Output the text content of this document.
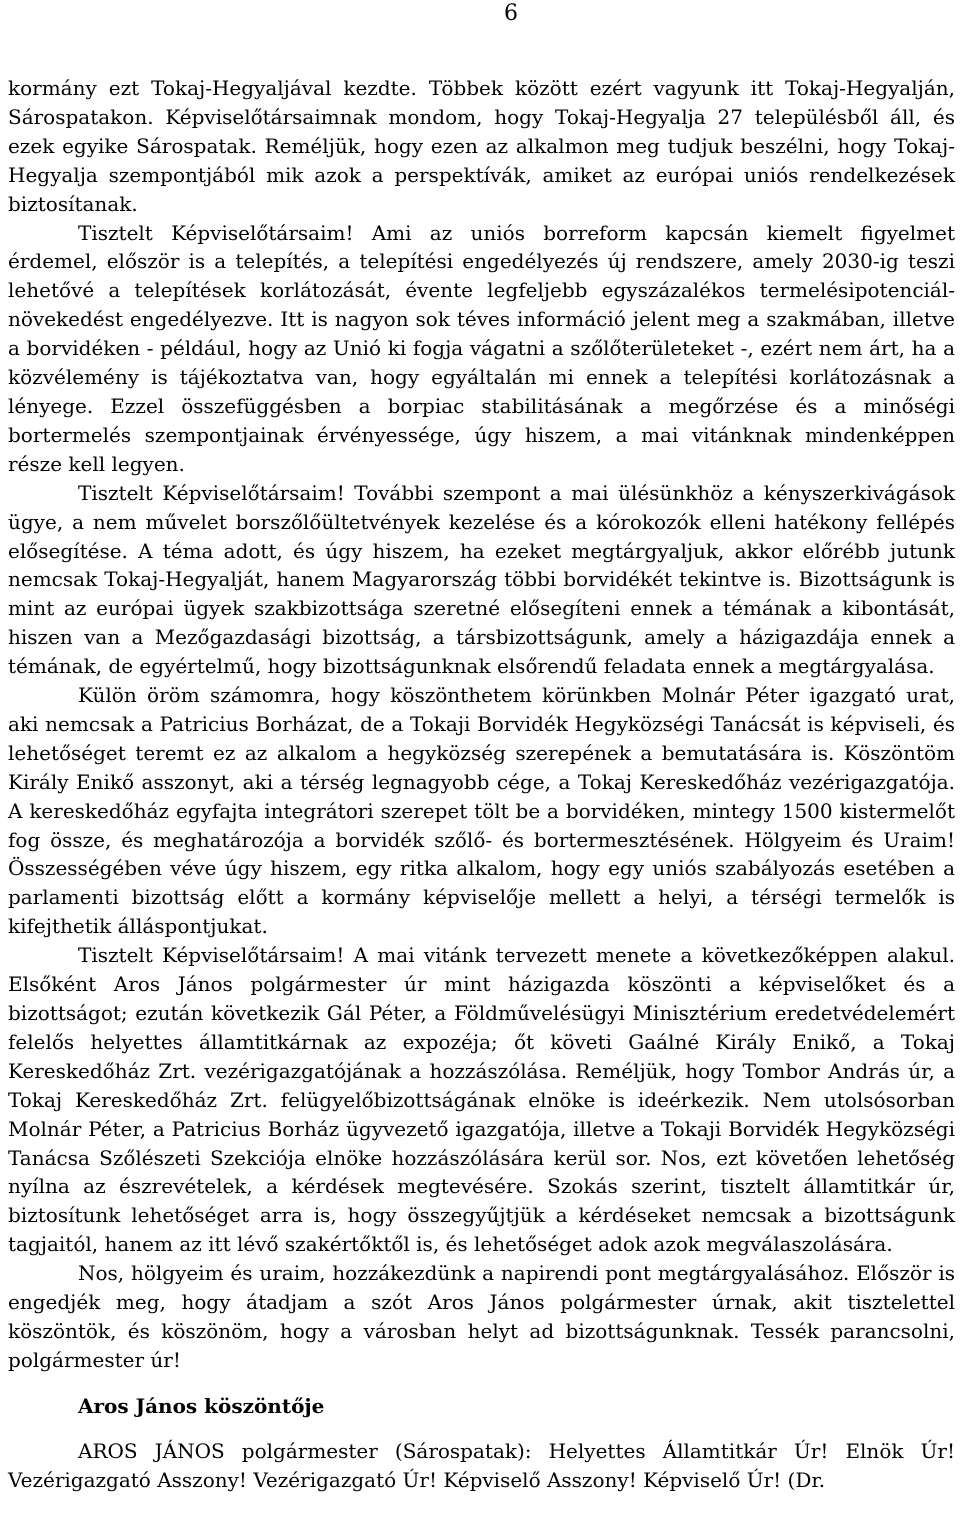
6

kormány ezt Tokaj-Hegyaljával kezdte. Többek között ezért vagyunk itt Tokaj-Hegyalján, Sárospatakon. Képviselőtársaimnak mondom, hogy Tokaj-Hegyalja 27 településből áll, és ezek egyike Sárospatak. Reméljük, hogy ezen az alkalmon meg tudjuk beszélni, hogy Tokaj-Hegyalja szempontjából mik azok a perspektívák, amiket az európai uniós rendelkezések biztosítanak.

Tisztelt Képviselőtársaim! Ami az uniós borreform kapcsán kiemelt figyelmet érdemel, először is a telepítés, a telepítési engedélyezés új rendszere, amely 2030-ig teszi lehetővé a telepítések korlátozását, évente legfeljebb egyszázalékos termelésipotenciál-növekedést engedélyezve. Itt is nagyon sok téves információ jelent meg a szakmában, illetve a borvidéken - például, hogy az Unió ki fogja vágatni a szőlőterületeket -, ezért nem árt, ha a közvélemény is tájékoztatva van, hogy egyáltalán mi ennek a telepítési korlátozásnak a lényege. Ezzel összefüggésben a borpiac stabilitásának a megőrzése és a minőségi bortermelés szempontjainak érvényessége, úgy hiszem, a mai vitánknak mindenképpen része kell legyen.

Tisztelt Képviselőtársaim! További szempont a mai ülésünkhöz a kényszerkivágások ügye, a nem művelet borszőlőültetvények kezelése és a kórokozók elleni hatékony fellépés elősegítése. A téma adott, és úgy hiszem, ha ezeket megtárgyaljuk, akkor előrébb jutunk nemcsak Tokaj-Hegyalját, hanem Magyarország többi borvidékét tekintve is. Bizottságunk is mint az európai ügyek szakbizottsága szeretné elősegíteni ennek a témának a kibontását, hiszen van a Mezőgazdasági bizottság, a társbizottságunk, amely a házigazdája ennek a témának, de egyértelmű, hogy bizottságunknak elsőrendű feladata ennek a megtárgyalása.

Külön öröm számomra, hogy köszönthetem körünkben Molnár Péter igazgató urat, aki nemcsak a Patricius Borházat, de a Tokaji Borvidék Hegyközségi Tanácsát is képviseli, és lehetőséget teremt ez az alkalom a hegyközség szerepének a bemutatására is. Köszöntöm Király Enikő asszonyt, aki a térség legnagyobb cége, a Tokaj Kereskedőház vezérigazgatója. A kereskedőház egyfajta integrátori szerepet tölt be a borvidéken, mintegy 1500 kistermelőt fog össze, és meghatározója a borvidék szőlő- és bortermesztésének. Hölgyeim és Uraim! Összességében véve úgy hiszem, egy ritka alkalom, hogy egy uniós szabályozás esetében a parlamenti bizottság előtt a kormány képviselője mellett a helyi, a térségi termelők is kifejthetik álláspontjukat.

Tisztelt Képviselőtársaim! A mai vitánk tervezett menete a következőképpen alakul. Elsőként Aros János polgármester úr mint házigazda köszönti a képviselőket és a bizottságot; ezután következik Gál Péter, a Földművelésügyi Minisztérium eredetvédelemért felelős helyettes államtitkárnak az expozéja; őt követi Gaálné Király Enikő, a Tokaj Kereskedőház Zrt. vezérigazgatójának a hozzászólása. Reméljük, hogy Tombor András úr, a Tokaj Kereskedőház Zrt. felügyelőbizottságának elnöke is ideérkezik. Nem utolsósorban Molnár Péter, a Patricius Borház ügyvezető igazgatója, illetve a Tokaji Borvidék Hegyközségi Tanácsa Szőlészeti Szekciója elnöke hozzászólására kerül sor. Nos, ezt követően lehetőség nyílna az észrevételek, a kérdések megtevésére. Szokás szerint, tisztelt államtitkár úr, biztosítunk lehetőséget arra is, hogy összegyűjtjük a kérdéseket nemcsak a bizottságunk tagjaitól, hanem az itt lévő szakértőktől is, és lehetőséget adok azok megválaszolására.

Nos, hölgyeim és uraim, hozzákezdünk a napirendi pont megtárgyalásához. Először is engedjék meg, hogy átadjam a szót Aros János polgármester úrnak, akit tisztelettel köszöntök, és köszönöm, hogy a városban helyt ad bizottságunknak. Tessék parancsolni, polgármester úr!

Aros János köszöntője

AROS JÁNOS polgármester (Sárospatak): Helyettes Államtitkár Úr! Elnök Úr! Vezérigazgató Asszony! Vezérigazgató Úr! Képviselő Asszony! Képviselő Úr! (Dr.
